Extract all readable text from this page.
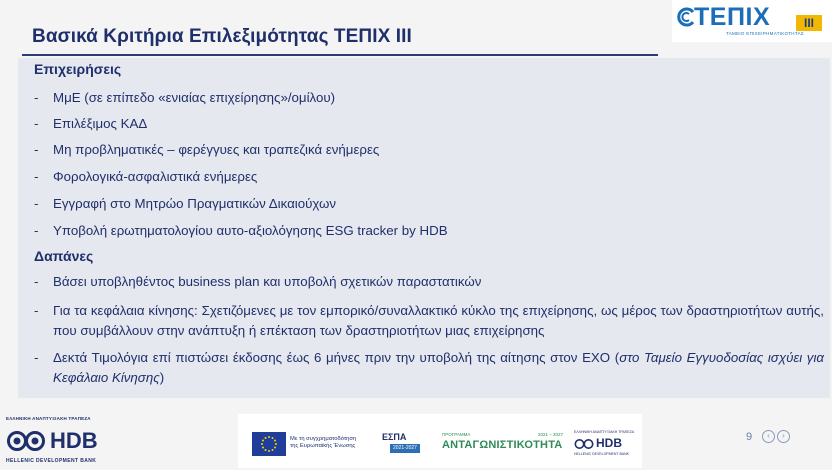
Βασικά Κριτήρια Επιλεξιμότητας ΤΕΠΙΧ ΙΙΙ
ΤΕΠΙΧ	III
ΤΑΜΕΙΟ ΕΠΙΧΕΙΡΗΜΑΤΙΚΟΤΗΤΑΣ
Επιχειρήσεις
- ΜμΕ (σε επίπεδο «ενιαίας επιχείρησης»/ομίλου)
- Επιλέξιμος ΚΑΔ
- Μη προβληματικές – φερέγγυες και τραπεζικά ενήμερες
- Φορολογικά-ασφαλιστικά ενήμερες
- Εγγραφή στο Μητρώο Πραγματικών Δικαιούχων
- Υποβολή ερωτηματολογίου αυτο-αξιολόγησης ESG tracker by HDB
Δαπάνες
- Βάσει υποβληθέντος business plan και υποβολή σχετικών παραστατικών
- Για τα κεφάλαια κίνησης: Σχετιζόμενες με τον εμπορικό/συναλλακτικό κύκλο της επιχείρησης, ως μέρος των δραστηριοτήτων αυτής, που συμβάλλουν στην ανάπτυξη ή επέκταση των δραστηριοτήτων μιας επιχείρησης
- Δεκτά Τιμολόγια επί πιστώσει έκδοσης έως 6 μήνες πριν την υποβολή της αίτησης στον ΕΧΟ (στο Ταμείο Εγγυοδοσίας ισχύει για Κεφάλαιο Κίνησης)
ΕΛΛΗΝΙΚΗ ΑΝΑΠΤΥΞΙΑΚΗ ΤΡΑΠΕΖΑ
HDB
HELLENIC DEVELOPMENT BANK
Με τη συγχρηματοδότηση της Ευρωπαϊκής Ένωσης
ΕΣΠΑ
2021-2027
ΠΡΟΓΡΑΜΜΑ	2021 – 2027
ΑΝΤΑΓΩΝΙΣΤΙΚΟΤΗΤΑ
ΕΛΛΗΝΙΚΗ ΑΝΑΠΤΥΞΙΑΚΗ ΤΡΑΠΕΖΑ
HDB
HELLENIC DEVELOPMENT BANK
9	‹	›
